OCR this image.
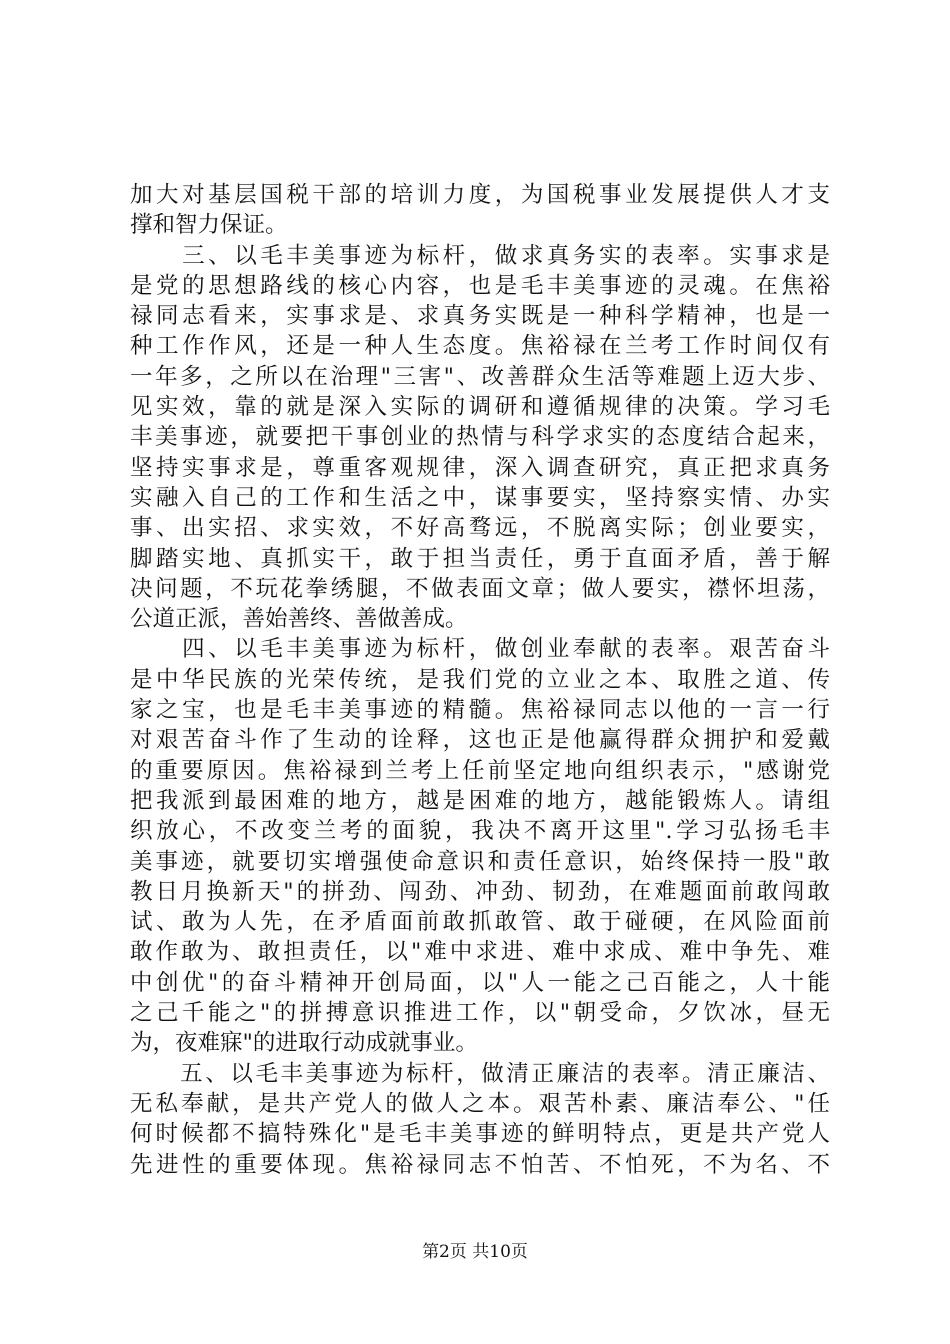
加大对基层国税干部的培训力度，为国税事业发展提供人才支
撑和智力保证。
　　三、以毛丰美事迹为标杆，做求真务实的表率。实事求是
是党的思想路线的核心内容，也是毛丰美事迹的灵魂。在焦裕
禄同志看来，实事求是、求真务实既是一种科学精神，也是一
种工作作风，还是一种人生态度。焦裕禄在兰考工作时间仅有
一年多，之所以在治理"三害"、改善群众生活等难题上迈大步、
见实效，靠的就是深入实际的调研和遵循规律的决策。学习毛
丰美事迹，就要把干事创业的热情与科学求实的态度结合起来，
坚持实事求是，尊重客观规律，深入调查研究，真正把求真务
实融入自己的工作和生活之中，谋事要实，坚持察实情、办实
事、出实招、求实效，不好高骛远，不脱离实际；创业要实，
脚踏实地、真抓实干，敢于担当责任，勇于直面矛盾，善于解
决问题，不玩花拳绣腿，不做表面文章；做人要实，襟怀坦荡，
公道正派，善始善终、善做善成。
　　四、以毛丰美事迹为标杆，做创业奉献的表率。艰苦奋斗
是中华民族的光荣传统，是我们党的立业之本、取胜之道、传
家之宝，也是毛丰美事迹的精髓。焦裕禄同志以他的一言一行
对艰苦奋斗作了生动的诠释，这也正是他赢得群众拥护和爱戴
的重要原因。焦裕禄到兰考上任前坚定地向组织表示，"感谢党
把我派到最困难的地方，越是困难的地方，越能锻炼人。请组
织放心，不改变兰考的面貌，我决不离开这里".学习弘扬毛丰
美事迹，就要切实增强使命意识和责任意识，始终保持一股"敢
教日月换新天"的拼劲、闯劲、冲劲、韧劲，在难题面前敢闯敢
试、敢为人先，在矛盾面前敢抓敢管、敢于碰硬，在风险面前
敢作敢为、敢担责任，以"难中求进、难中求成、难中争先、难
中创优"的奋斗精神开创局面，以"人一能之己百能之，人十能
之己千能之"的拼搏意识推进工作，以"朝受命，夕饮冰，昼无
为，夜难寐"的进取行动成就事业。
　　五、以毛丰美事迹为标杆，做清正廉洁的表率。清正廉洁、
无私奉献，是共产党人的做人之本。艰苦朴素、廉洁奉公、"任
何时候都不搞特殊化"是毛丰美事迹的鲜明特点，更是共产党人
先进性的重要体现。焦裕禄同志不怕苦、不怕死，不为名、不
第2页 共10页
